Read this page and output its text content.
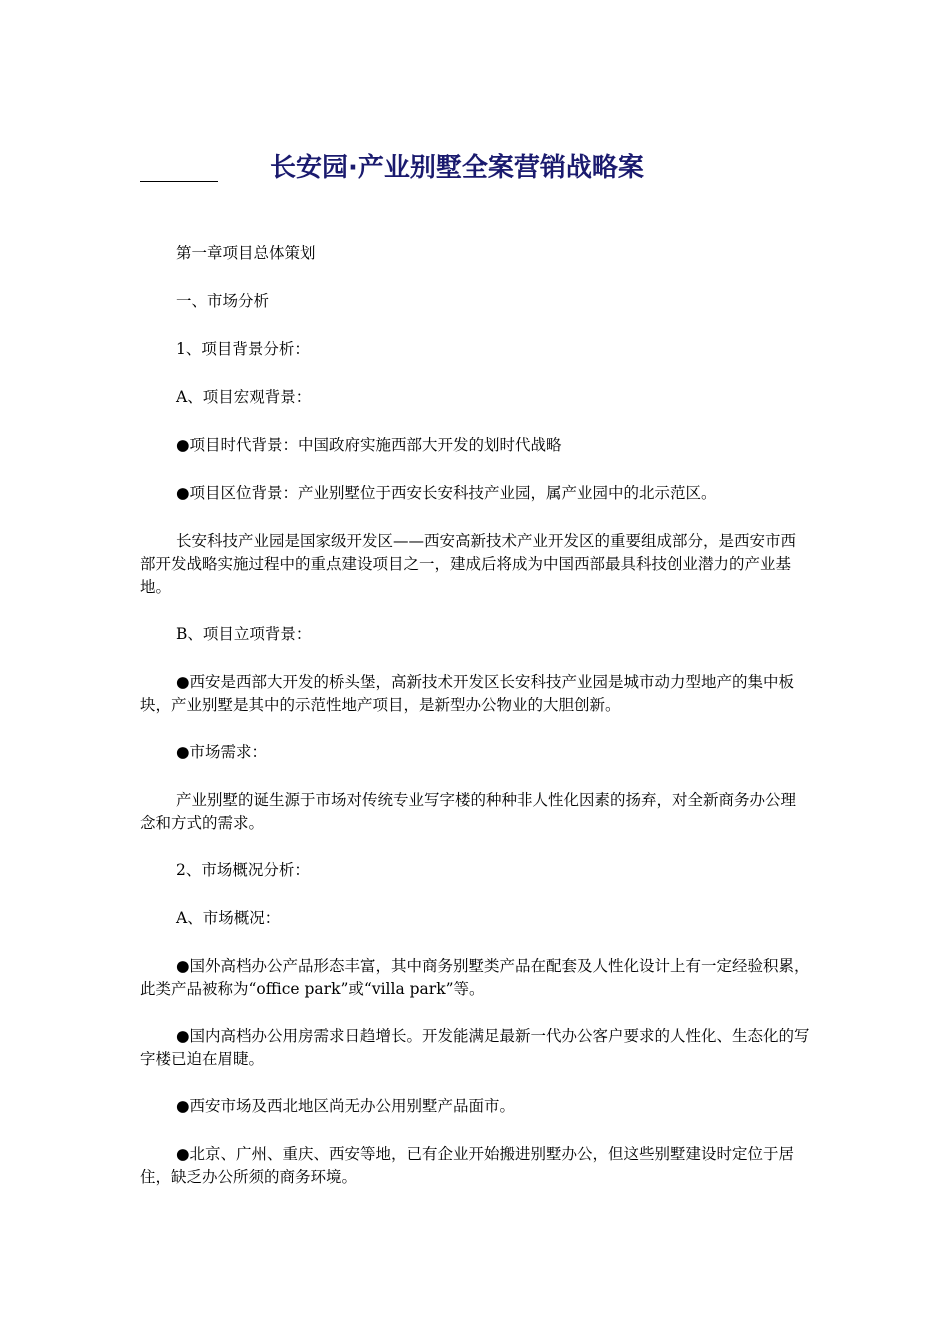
长安园·产业别墅全案营销战略案

第一章项目总体策划

一、市场分析

1、项目背景分析：

A、项目宏观背景：

●项目时代背景：中国政府实施西部大开发的划时代战略

●项目区位背景：产业别墅位于西安长安科技产业园，属产业园中的北示范区。

长安科技产业园是国家级开发区——西安高新技术产业开发区的重要组成部分，是西安市西部开发战略实施过程中的重点建设项目之一，建成后将成为中国西部最具科技创业潜力的产业基地。

B、项目立项背景：

●西安是西部大开发的桥头堡，高新技术开发区长安科技产业园是城市动力型地产的集中板块，产业别墅是其中的示范性地产项目，是新型办公物业的大胆创新。

●市场需求：

产业别墅的诞生源于市场对传统专业写字楼的种种非人性化因素的扬弃，对全新商务办公理念和方式的需求。

2、市场概况分析：

A、市场概况：

●国外高档办公产品形态丰富，其中商务别墅类产品在配套及人性化设计上有一定经验积累，此类产品被称为“office park”或“villa park”等。

●国内高档办公用房需求日趋增长。开发能满足最新一代办公客户要求的人性化、生态化的写字楼已迫在眉睫。

●西安市场及西北地区尚无办公用别墅产品面市。

●北京、广州、重庆、西安等地，已有企业开始搬进别墅办公，但这些别墅建设时定位于居住，缺乏办公所须的商务环境。
